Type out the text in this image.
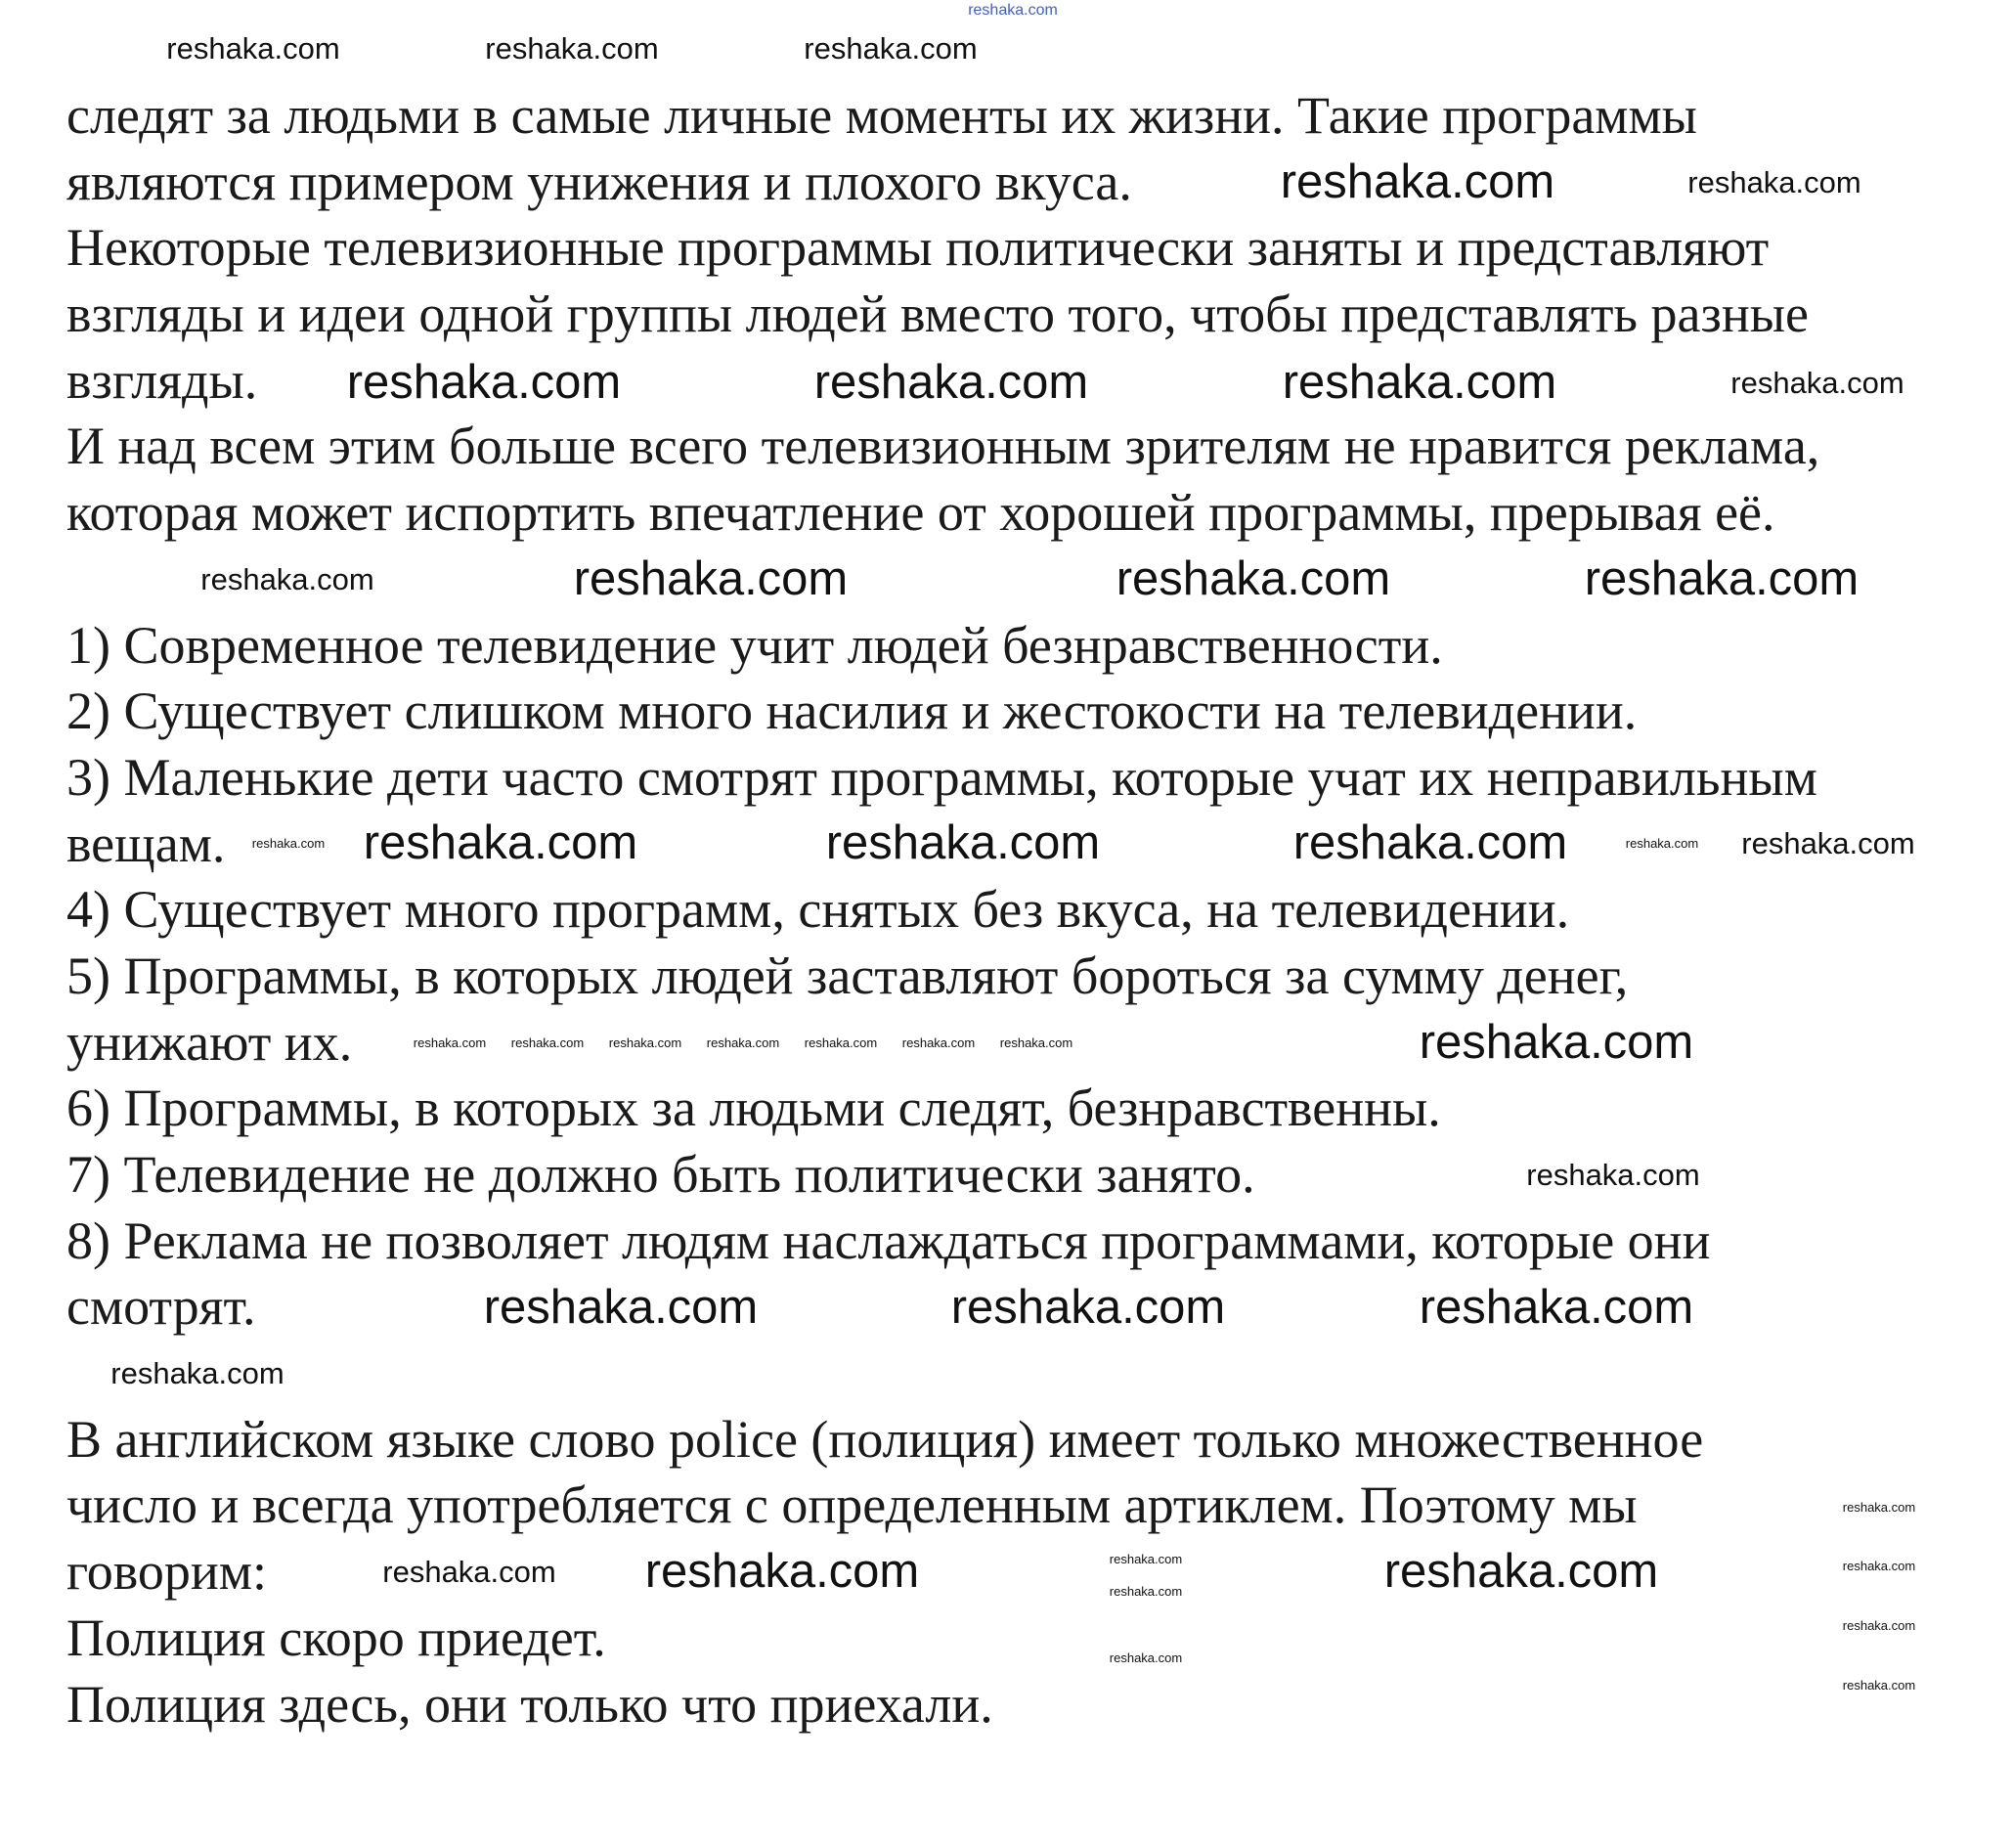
следят за людьми в самые личные моменты их жизни. Такие программы

являются примером унижения и плохого вкуса.

Некоторые телевизионные программы политически заняты и представляют

взгляды и идеи одной группы людей вместо того, чтобы представлять разные

взгляды.

И над всем этим больше всего телевизионным зрителям не нравится реклама,

которая может испортить впечатление от хорошей программы, прерывая её.

1) Современное телевидение учит людей безнравственности.

2) Существует слишком много насилия и жестокости на телевидении.

3) Маленькие дети часто смотрят программы, которые учат их неправильным

вещам.

4) Существует много программ, снятых без вкуса, на телевидении.

5) Программы, в которых людей заставляют бороться за сумму денег,

унижают их.

6) Программы, в которых за людьми следят, безнравственны.

7) Телевидение не должно быть политически занято.

8) Реклама не позволяет людям наслаждаться программами, которые они

смотрят.

В английском языке слово police (полиция) имеет только множественное

число и всегда употребляется с определенным артиклем. Поэтому мы

говорим:

Полиция скоро приедет.

Полиция здесь, они только что приехали.

reshaka.com
reshaka.com	reshaka.com	reshaka.com
reshaka.com	reshaka.com
reshaka.com
reshaka.com	reshaka.com	reshaka.com
reshaka.com	reshaka.com	reshaka.com	reshaka.com
reshaka.com	reshaka.com
reshaka.com
reshaka.com	reshaka.com	reshaka.com
reshaka.com reshaka.com reshaka.com reshaka.com reshaka.com reshaka.com reshaka.com	reshaka.com
reshaka.com
reshaka.com	reshaka.com
reshaka.com
reshaka.com
reshaka.com
reshaka.com	reshaka.com
reshaka.com
reshaka.com
reshaka.com
reshaka.com
reshaka.com reshaka.com	reshaka.com
